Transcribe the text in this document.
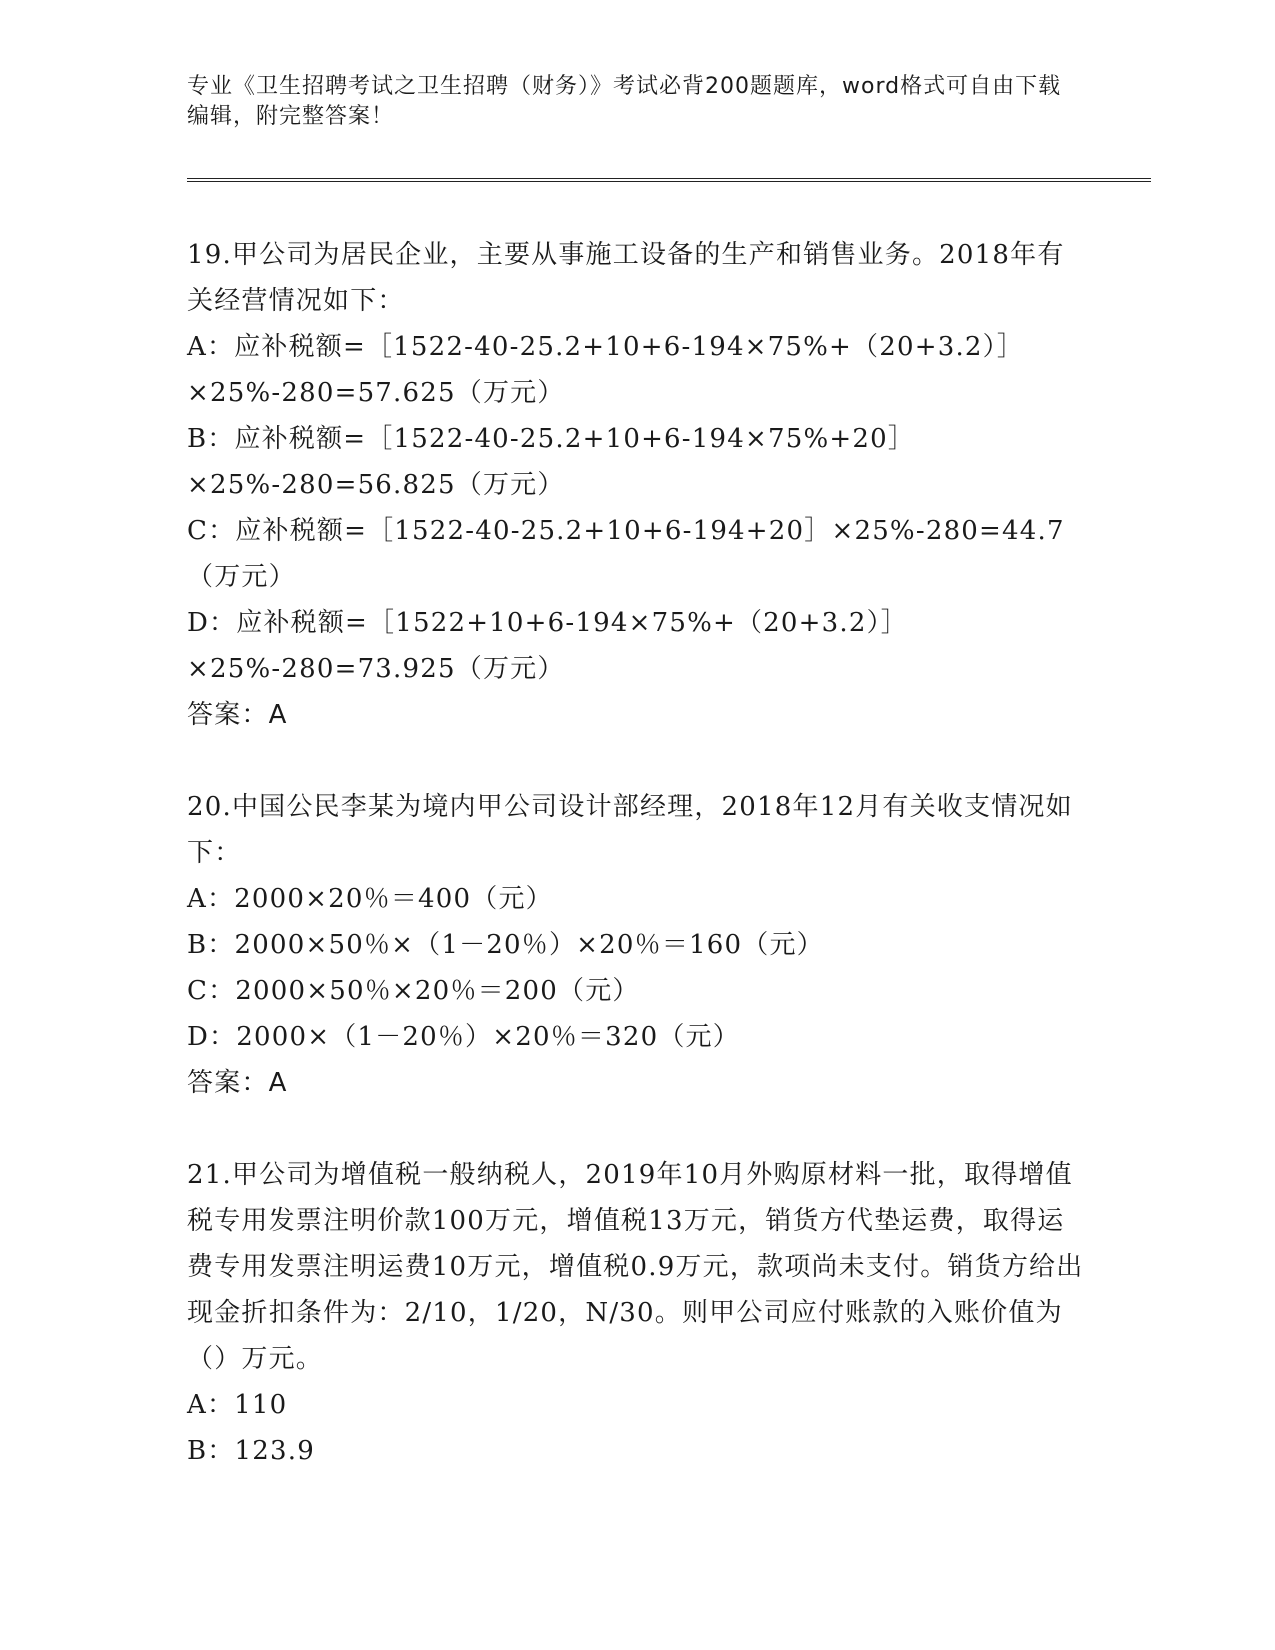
专业《卫生招聘考试之卫生招聘（财务）》考试必背200题题库，word格式可自由下载编辑，附完整答案！

19.甲公司为居民企业，主要从事施工设备的生产和销售业务。2018年有关经营情况如下：

A：应补税额=［1522-40-25.2+10+6-194×75%+（20+3.2）］×25%-280=57.625（万元）

B：应补税额=［1522-40-25.2+10+6-194×75%+20］×25%-280=56.825（万元）

C：应补税额=［1522-40-25.2+10+6-194+20］×25%-280=44.7（万元）

D：应补税额=［1522+10+6-194×75%+（20+3.2）］×25%-280=73.925（万元）

答案：A

20.中国公民李某为境内甲公司设计部经理，2018年12月有关收支情况如下：

A：2000×20％＝400（元）

B：2000×50％×（1－20％）×20％＝160（元）

C：2000×50％×20％＝200（元）

D：2000×（1－20％）×20％＝320（元）

答案：A

21.甲公司为增值税一般纳税人，2019年10月外购原材料一批，取得增值税专用发票注明价款100万元，增值税13万元，销货方代垫运费，取得运费专用发票注明运费10万元，增值税0.9万元，款项尚未支付。销货方给出现金折扣条件为：2/10，1/20，N/30。则甲公司应付账款的入账价值为（）万元。

A：110

B：123.9
